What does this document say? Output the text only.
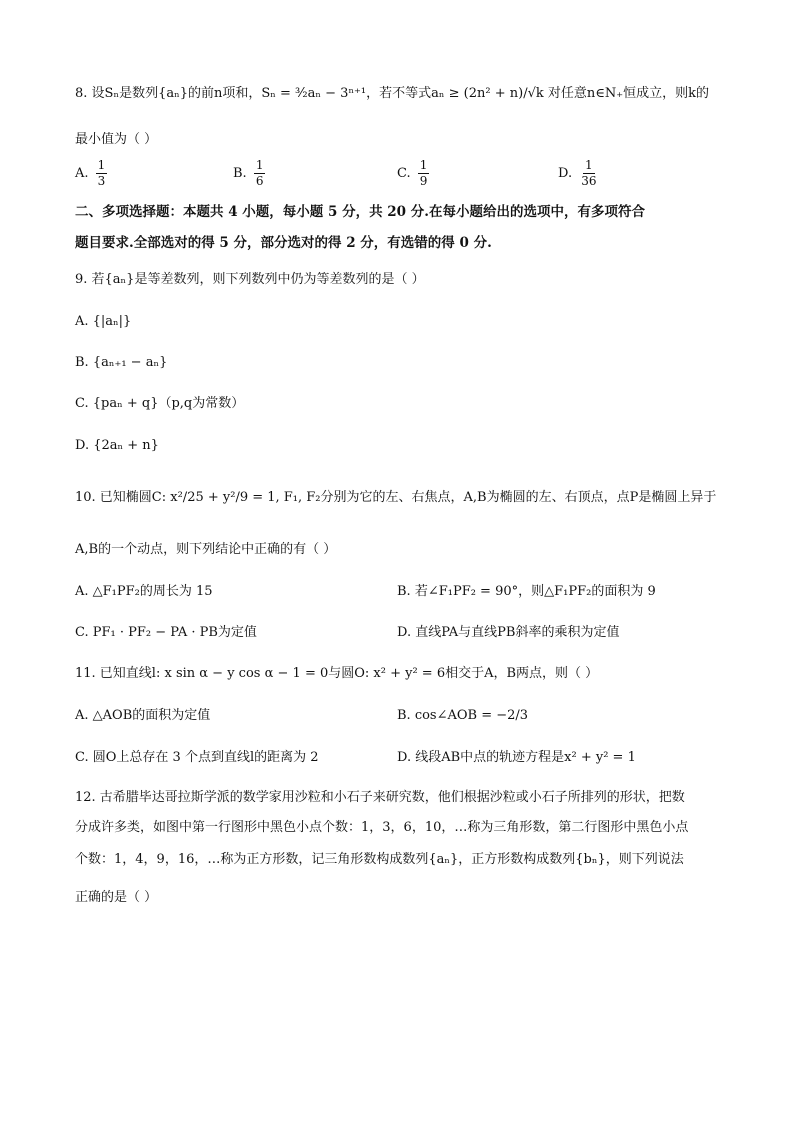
8. 设Sₙ是数列{aₙ}的前n项和，Sₙ = ³⁄₂aₙ − 3ⁿ⁺¹，若不等式aₙ ≥ (2n² + n)/√k 对任意n∈N₊恒成立，则k的
最小值为（ ）
A. $\frac{1}{3}$	B. $\frac{1}{6}$	C. $\frac{1}{9}$	D. $\frac{1}{36}$
二、多项选择题：本题共 4 小题，每小题 5 分，共 20 分.在每小题给出的选项中，有多项符合
题目要求.全部选对的得 5 分，部分选对的得 2 分，有选错的得 0 分.
9. 若{aₙ}是等差数列，则下列数列中仍为等差数列的是（ ）
A. {|aₙ|}
B. {aₙ₊₁ − aₙ}
C. {paₙ + q}（p,q为常数）
D. {2aₙ + n}
10. 已知椭圆C: x²/25 + y²/9 = 1, F₁, F₂分别为它的左、右焦点，A,B为椭圆的左、右顶点，点P是椭圆上异于
A,B的一个动点，则下列结论中正确的有（ ）
A. △F₁PF₂的周长为 15	B. 若∠F₁PF₂ = 90°，则△F₁PF₂的面积为 9
C. PF₁ · PF₂ − PA · PB为定值	D. 直线PA与直线PB斜率的乘积为定值
11. 已知直线l: x sin α − y cos α − 1 = 0与圆O: x² + y² = 6相交于A，B两点，则（ ）
A. △AOB的面积为定值	B. cos∠AOB = −2/3
C. 圆O上总存在 3 个点到直线l的距离为 2	D. 线段AB中点的轨迹方程是x² + y² = 1
12. 古希腊毕达哥拉斯学派的数学家用沙粒和小石子来研究数，他们根据沙粒或小石子所排列的形状，把数
分成许多类，如图中第一行图形中黑色小点个数：1，3，6，10，…称为三角形数，第二行图形中黑色小点
个数：1，4，9，16，…称为正方形数，记三角形数构成数列{aₙ}，正方形数构成数列{bₙ}，则下列说法
正确的是（ ）
